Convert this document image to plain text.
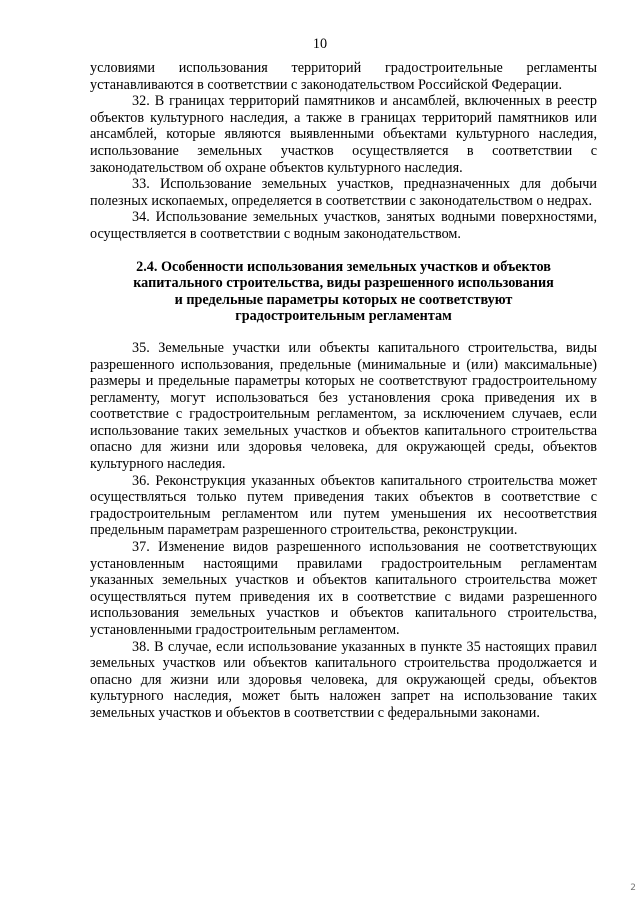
10

условиями использования территорий градостроительные регламенты устанавливаются в соответствии с законодательством Российской Федерации.

32. В границах территорий памятников и ансамблей, включенных в реестр объектов культурного наследия, а также в границах территорий памятников или ансамблей, которые являются выявленными объектами культурного наследия, использование земельных участков осуществляется в соответствии с законодательством об охране объектов культурного наследия.

33. Использование земельных участков, предназначенных для добычи полезных ископаемых, определяется в соответствии с законодательством о недрах.

34. Использование земельных участков, занятых водными поверхностями, осуществляется в соответствии с водным законодательством.

2.4. Особенности использования земельных участков и объектов
капитального строительства, виды разрешенного использования
и предельные параметры которых не соответствуют
градостроительным регламентам

35. Земельные участки или объекты капитального строительства, виды разрешенного использования, предельные (минимальные и (или) максимальные) размеры и предельные параметры которых не соответствуют градостроительному регламенту, могут использоваться без установления срока приведения их в соответствие с градостроительным регламентом, за исключением случаев, если использование таких земельных участков и объектов капитального строительства опасно для жизни или здоровья человека, для окружающей среды, объектов культурного наследия.

36. Реконструкция указанных объектов капитального строительства может осуществляться только путем приведения таких объектов в соответствие с градостроительным регламентом или путем уменьшения их несоответствия предельным параметрам разрешенного строительства, реконструкции.

37. Изменение видов разрешенного использования не соответствующих установленным настоящими правилами градостроительным регламентам указанных земельных участков и объектов капитального строительства может осуществляться путем приведения их в соответствие с видами разрешенного использования земельных участков и объектов капитального строительства, установленными градостроительным регламентом.

38. В случае, если использование указанных в пункте 35 настоящих правил земельных участков или объектов капитального строительства продолжается и опасно для жизни или здоровья человека, для окружающей среды, объектов культурного наследия, может быть наложен запрет на использование таких земельных участков и объектов в соответствии с федеральными законами.

2
